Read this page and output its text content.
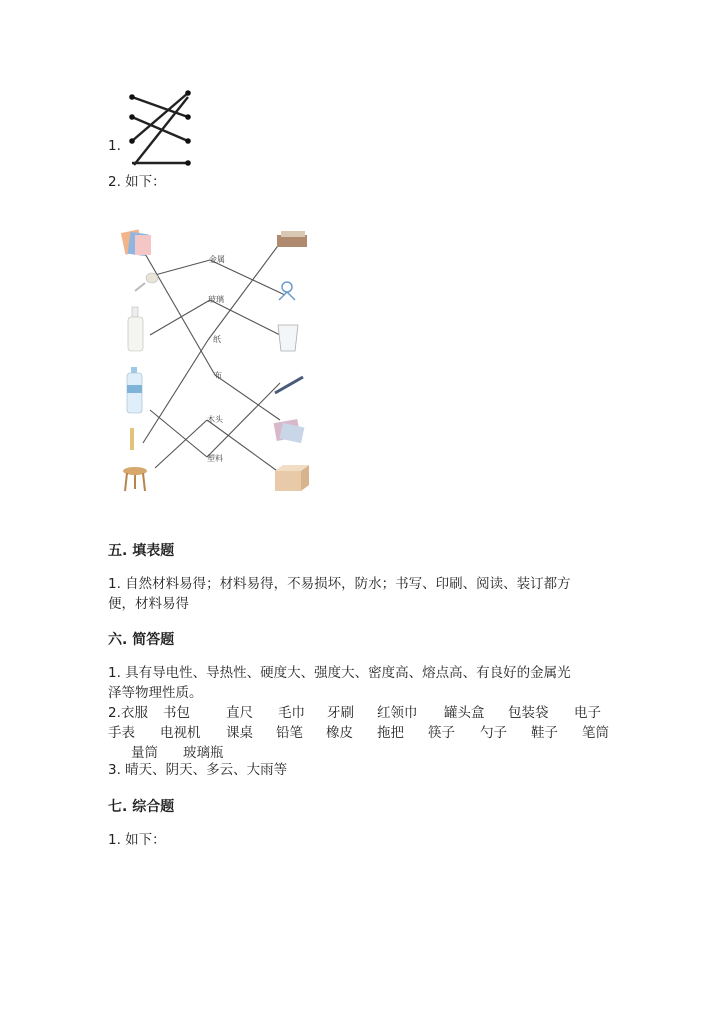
1.
2. 如下：
金属
玻璃
纸
布
木头
塑料
五. 填表题
1. 自然材料易得；材料易得，不易损坏，防水；书写、印刷、阅读、装订都方
便，材料易得
六. 简答题
1. 具有导电性、导热性、硬度大、强度大、密度高、熔点高、有良好的金属光
泽等物理性质。
2. 衣服 书包	直尺 毛巾 牙刷 红领巾 罐头盒 包装袋 电子
手表 电视机 课桌 铅笔 橡皮 拖把 筷子 勺子 鞋子 笔筒
量筒 玻璃瓶
3. 晴天、阴天、多云、大雨等
七. 综合题
1. 如下：
